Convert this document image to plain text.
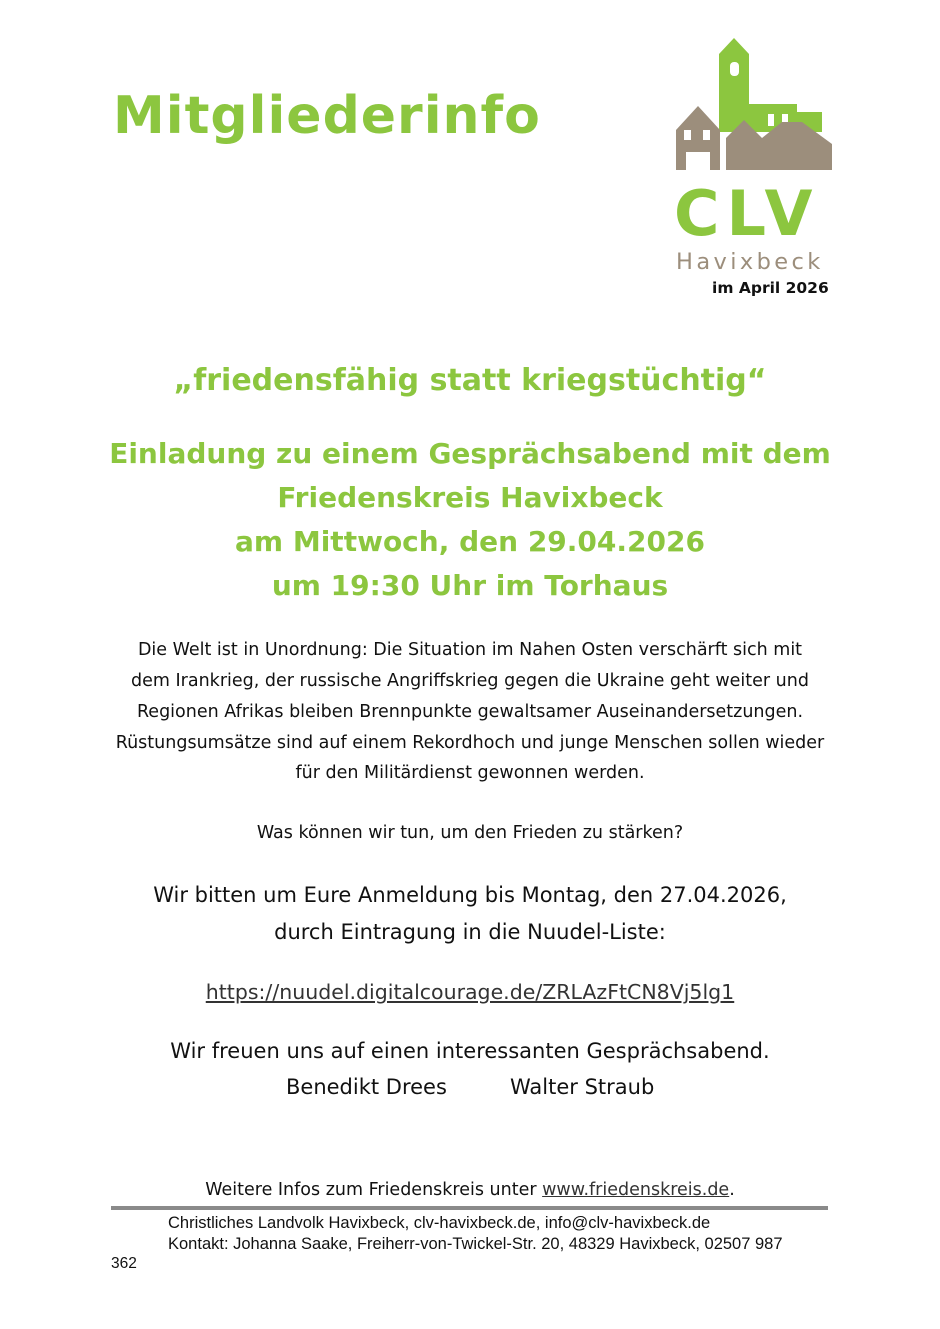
Mitgliederinfo
CLV
Havixbeck
im April 2026
„friedensfähig statt kriegstüchtig“
Einladung zu einem Gesprächsabend mit dem
Friedenskreis Havixbeck
am Mittwoch, den 29.04.2026
um 19:30 Uhr im Torhaus
Die Welt ist in Unordnung: Die Situation im Nahen Osten verschärft sich mit
dem Irankrieg, der russische Angriffskrieg gegen die Ukraine geht weiter und
Regionen Afrikas bleiben Brennpunkte gewaltsamer Auseinandersetzungen.
Rüstungsumsätze sind auf einem Rekordhoch und junge Menschen sollen wieder
für den Militärdienst gewonnen werden.
Was können wir tun, um den Frieden zu stärken?
Wir bitten um Eure Anmeldung bis Montag, den 27.04.2026,
durch Eintragung in die Nuudel-Liste:
https://nuudel.digitalcourage.de/ZRLAzFtCN8Vj5lg1
Wir freuen uns auf einen interessanten Gesprächsabend.
Benedikt Drees	Walter Straub
Weitere Infos zum Friedenskreis unter www.friedenskreis.de.
Christliches Landvolk Havixbeck, clv-havixbeck.de, info@clv-havixbeck.de
Kontakt: Johanna Saake, Freiherr-von-Twickel-Str. 20, 48329 Havixbeck, 02507 987
362
